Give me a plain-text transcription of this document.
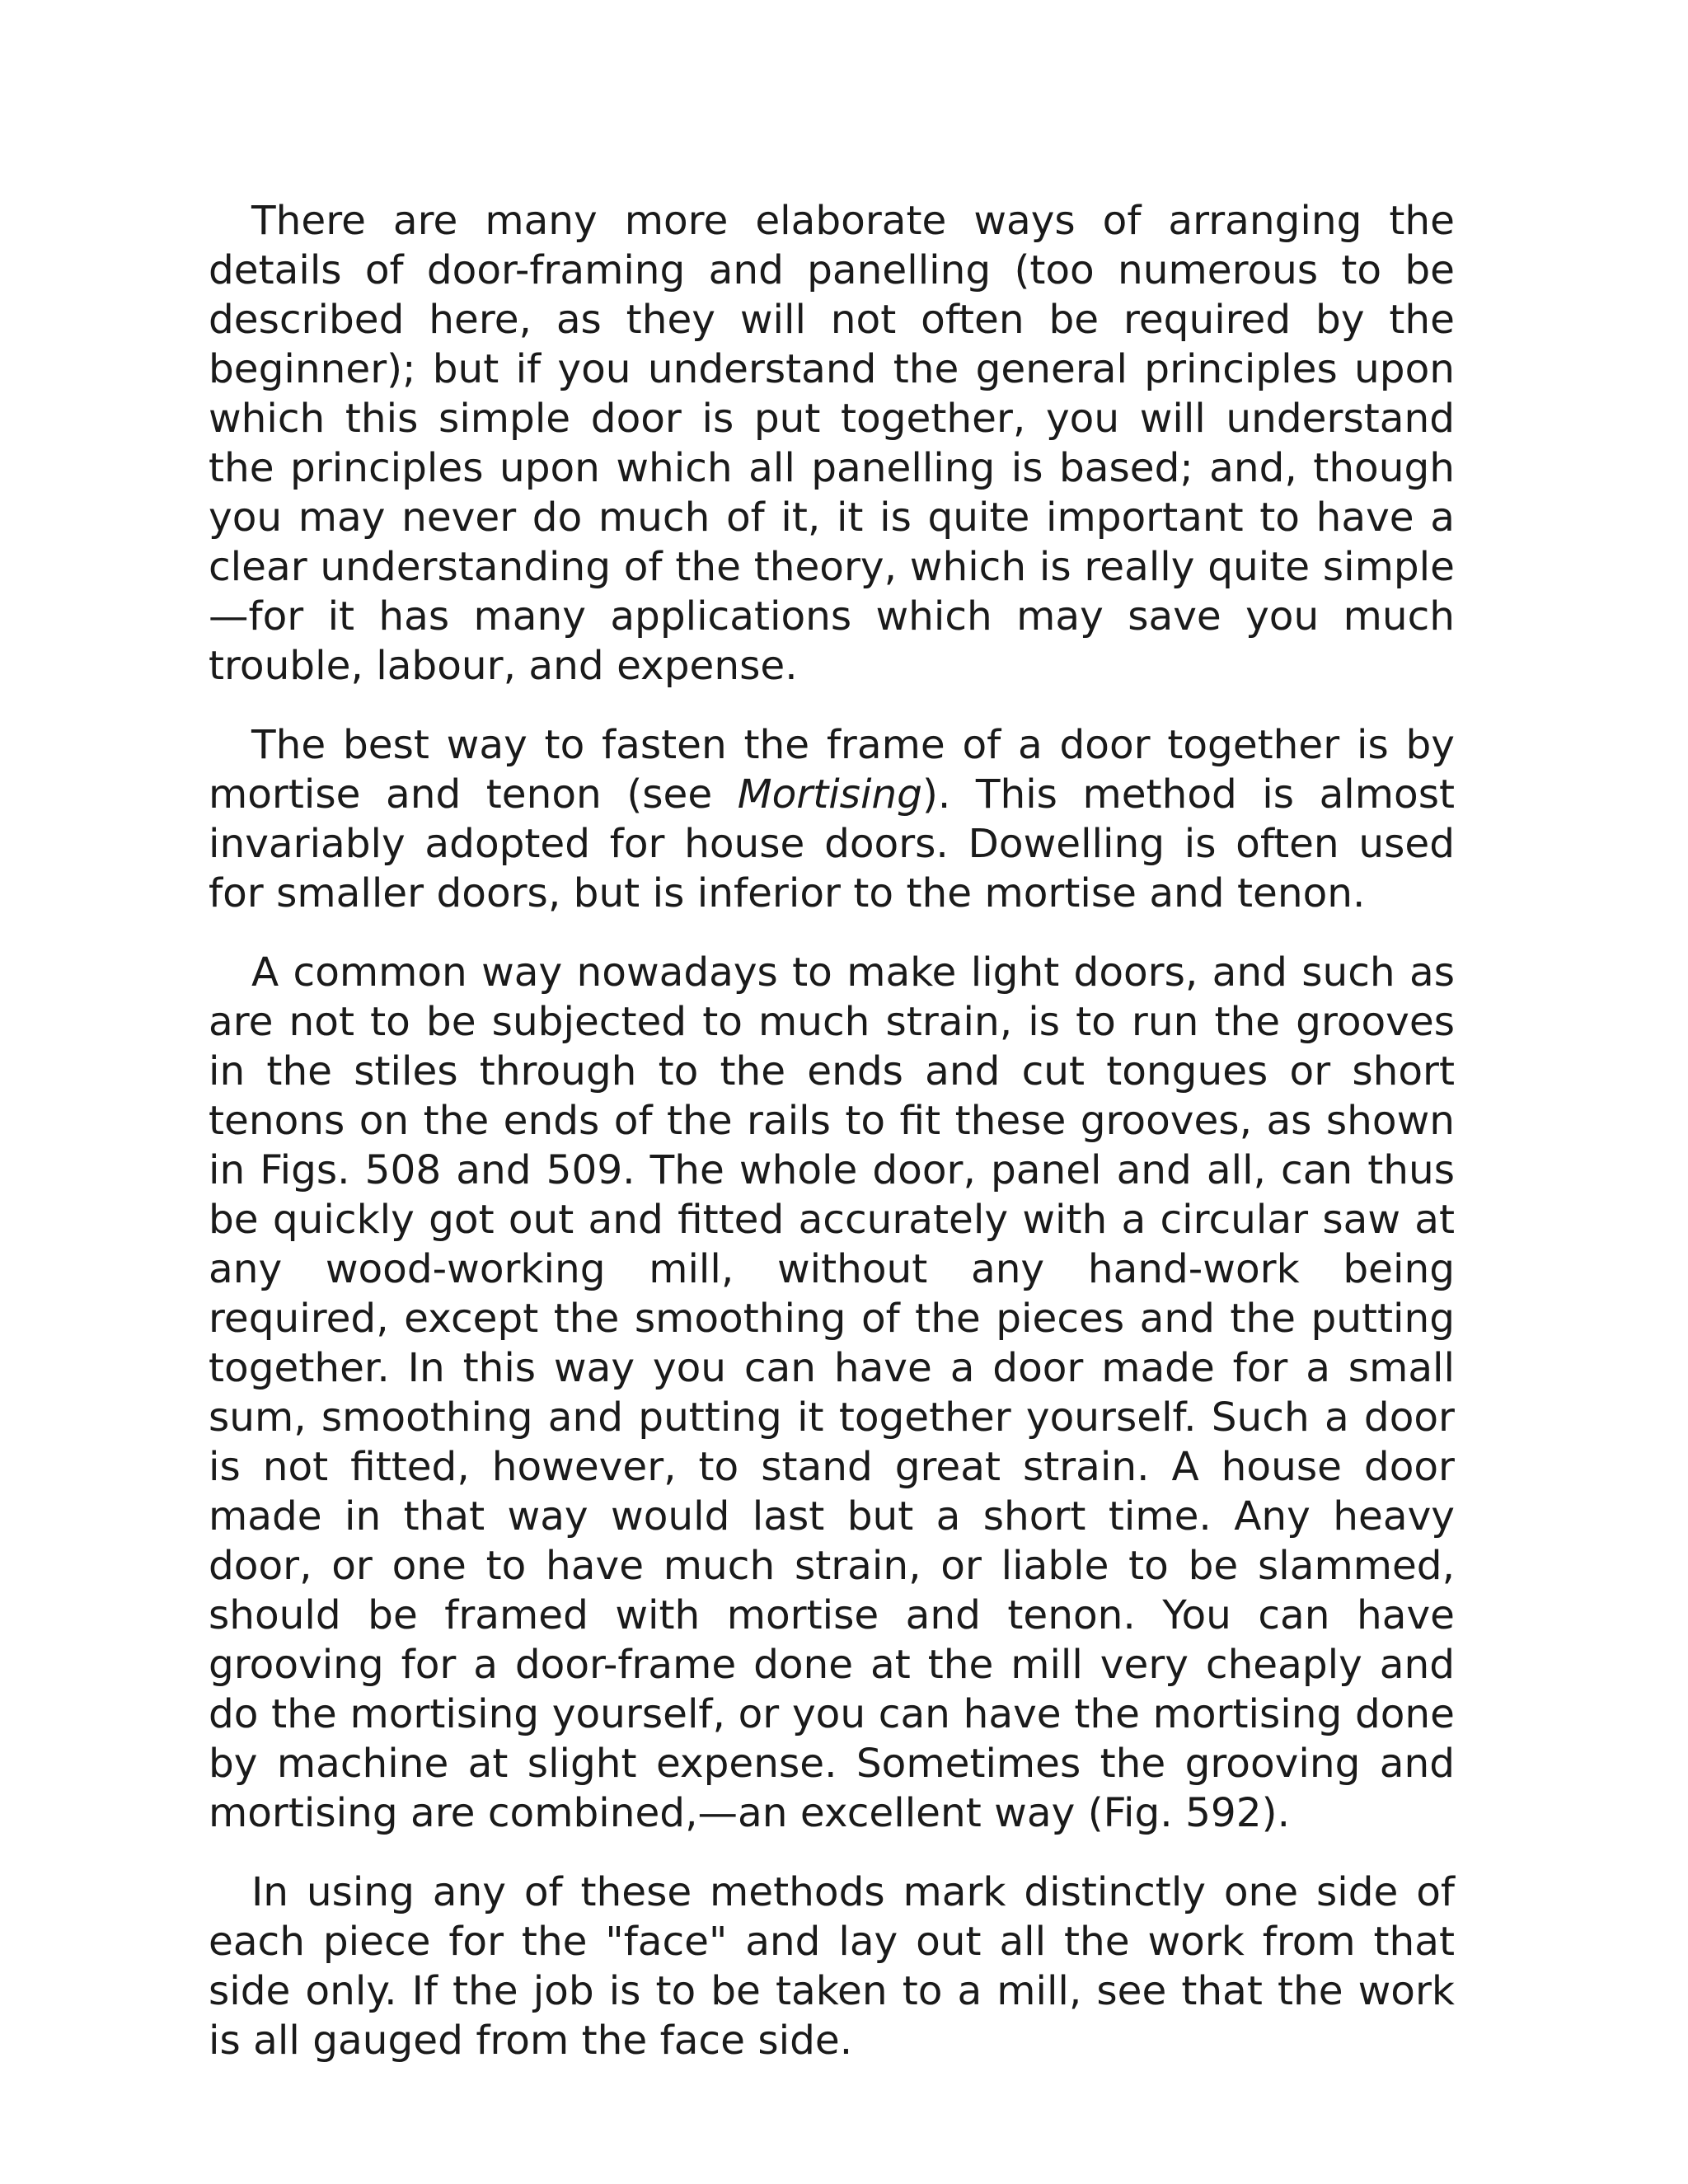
There are many more elaborate ways of arranging the details of door-framing and panelling (too numerous to be described here, as they will not often be required by the beginner); but if you understand the general principles upon which this simple door is put together, you will understand the principles upon which all panelling is based; and, though you may never do much of it, it is quite important to have a clear understanding of the theory, which is really quite simple—for it has many applications which may save you much trouble, labour, and expense.

The best way to fasten the frame of a door together is by mortise and tenon (see Mortising). This method is almost invariably adopted for house doors. Dowelling is often used for smaller doors, but is inferior to the mortise and tenon.

A common way nowadays to make light doors, and such as are not to be subjected to much strain, is to run the grooves in the stiles through to the ends and cut tongues or short tenons on the ends of the rails to fit these grooves, as shown in Figs. 508 and 509. The whole door, panel and all, can thus be quickly got out and fitted accurately with a circular saw at any wood-working mill, without any hand-work being required, except the smoothing of the pieces and the putting together. In this way you can have a door made for a small sum, smoothing and putting it together yourself. Such a door is not fitted, however, to stand great strain. A house door made in that way would last but a short time. Any heavy door, or one to have much strain, or liable to be slammed, should be framed with mortise and tenon. You can have grooving for a door-frame done at the mill very cheaply and do the mortising yourself, or you can have the mortising done by machine at slight expense. Sometimes the grooving and mortising are combined,—an excellent way (Fig. 592).

In using any of these methods mark distinctly one side of each piece for the "face" and lay out all the work from that side only. If the job is to be taken to a mill, see that the work is all gauged from the face side.
